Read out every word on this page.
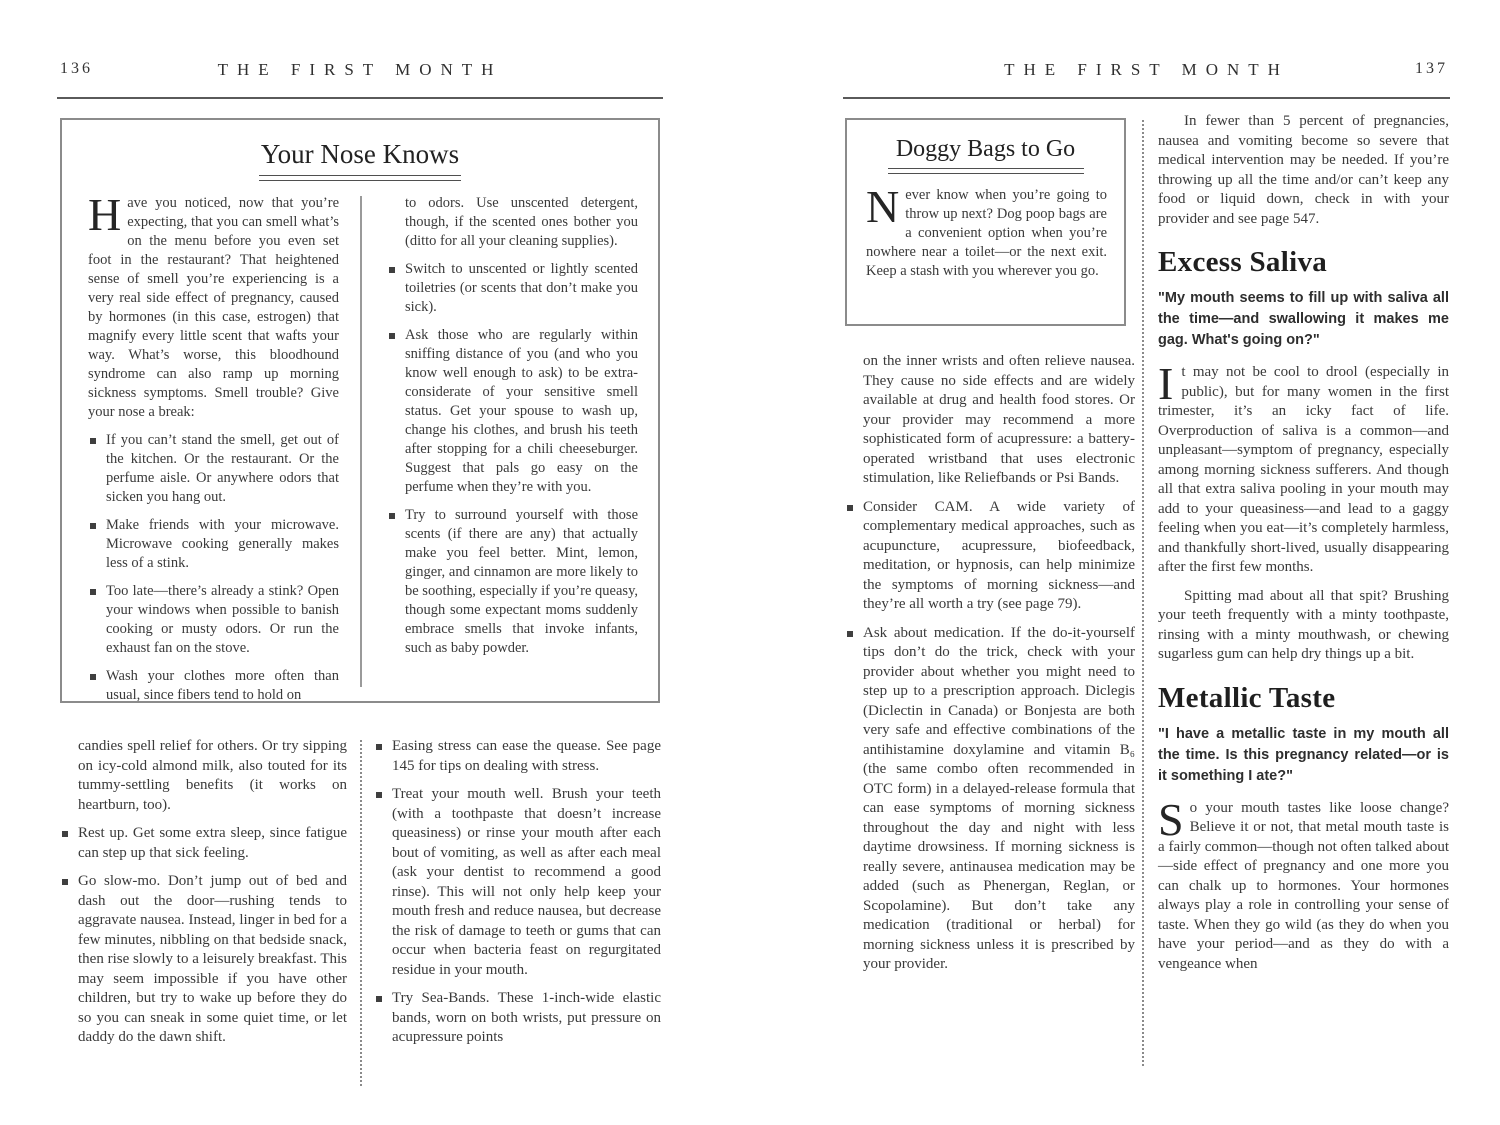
136	THE FIRST MONTH
Your Nose Knows

Have you noticed, now that you’re expecting, that you can smell what’s on the menu before you even set foot in the restaurant? That heightened sense of smell you’re experiencing is a very real side effect of pregnancy, caused by hormones (in this case, estrogen) that magnify every little scent that wafts your way. What’s worse, this bloodhound syndrome can also ramp up morning sickness symptoms. Smell trouble? Give your nose a break:

If you can’t stand the smell, get out of the kitchen. Or the restaurant. Or the perfume aisle. Or anywhere odors that sicken you hang out.
Make friends with your microwave. Microwave cooking generally makes less of a stink.
Too late—there’s already a stink? Open your windows when possible to banish cooking or musty odors. Or run the exhaust fan on the stove.
Wash your clothes more often than usual, since fibers tend to hold on

to odors. Use unscented detergent, though, if the scented ones bother you (ditto for all your cleaning supplies).

Switch to unscented or lightly scented toiletries (or scents that don’t make you sick).
Ask those who are regularly within sniffing distance of you (and who you know well enough to ask) to be extra-considerate of your sensitive smell status. Get your spouse to wash up, change his clothes, and brush his teeth after stopping for a chili cheeseburger. Suggest that pals go easy on the perfume when they’re with you.
Try to surround yourself with those scents (if there are any) that actually make you feel better. Mint, lemon, ginger, and cinnamon are more likely to be soothing, especially if you’re queasy, though some expectant moms suddenly embrace smells that invoke infants, such as baby powder.

candies spell relief for others. Or try sipping on icy-cold almond milk, also touted for its tummy-settling benefits (it works on heartburn, too).

Rest up. Get some extra sleep, since fatigue can step up that sick feeling.
Go slow-mo. Don’t jump out of bed and dash out the door—rushing tends to aggravate nausea. Instead, linger in bed for a few minutes, nibbling on that bedside snack, then rise slowly to a leisurely breakfast. This may seem impossible if you have other children, but try to wake up before they do so you can sneak in some quiet time, or let daddy do the dawn shift.
Easing stress can ease the quease. See page 145 for tips on dealing with stress.
Treat your mouth well. Brush your teeth (with a toothpaste that doesn’t increase queasiness) or rinse your mouth after each bout of vomiting, as well as after each meal (ask your dentist to recommend a good rinse). This will not only help keep your mouth fresh and reduce nausea, but decrease the risk of damage to teeth or gums that can occur when bacteria feast on regurgitated residue in your mouth.
Try Sea-Bands. These 1-inch-wide elastic bands, worn on both wrists, put pressure on acupressure points
THE FIRST MONTH	137
Doggy Bags to Go

Never know when you’re going to throw up next? Dog poop bags are a convenient option when you’re nowhere near a toilet—or the next exit. Keep a stash with you wherever you go.

on the inner wrists and often relieve nausea. They cause no side effects and are widely available at drug and health food stores. Or your provider may recommend a more sophisticated form of acupressure: a battery-operated wristband that uses electronic stimulation, like Reliefbands or Psi Bands.

Consider CAM. A wide variety of complementary medical approaches, such as acupuncture, acupressure, biofeedback, meditation, or hypnosis, can help minimize the symptoms of morning sickness—and they’re all worth a try (see page 79).
Ask about medication. If the do-it-yourself tips don’t do the trick, check with your provider about whether you might need to step up to a prescription approach. Diclegis (Diclectin in Canada) or Bonjesta are both very safe and effective combinations of the antihistamine doxylamine and vitamin B₆ (the same combo often recommended in OTC form) in a delayed-release formula that can ease symptoms of morning sickness throughout the day and night with less daytime drowsiness. If morning sickness is really severe, antinausea medication may be added (such as Phenergan, Reglan, or Scopolamine). But don’t take any medication (traditional or herbal) for morning sickness unless it is prescribed by your provider.

In fewer than 5 percent of pregnancies, nausea and vomiting become so severe that medical intervention may be needed. If you’re throwing up all the time and/or can’t keep any food or liquid down, check in with your provider and see page 547.

Excess Saliva

"My mouth seems to fill up with saliva all the time—and swallowing it makes me gag. What's going on?"

It may not be cool to drool (especially in public), but for many women in the first trimester, it’s an icky fact of life. Overproduction of saliva is a common—and unpleasant—symptom of pregnancy, especially among morning sickness sufferers. And though all that extra saliva pooling in your mouth may add to your queasiness—and lead to a gaggy feeling when you eat—it’s completely harmless, and thankfully short-lived, usually disappearing after the first few months.

Spitting mad about all that spit? Brushing your teeth frequently with a minty toothpaste, rinsing with a minty mouthwash, or chewing sugarless gum can help dry things up a bit.

Metallic Taste

"I have a metallic taste in my mouth all the time. Is this pregnancy related—or is it something I ate?"

So your mouth tastes like loose change? Believe it or not, that metal mouth taste is a fairly common—though not often talked about—side effect of pregnancy and one more you can chalk up to hormones. Your hormones always play a role in controlling your sense of taste. When they go wild (as they do when you have your period—and as they do with a vengeance when
